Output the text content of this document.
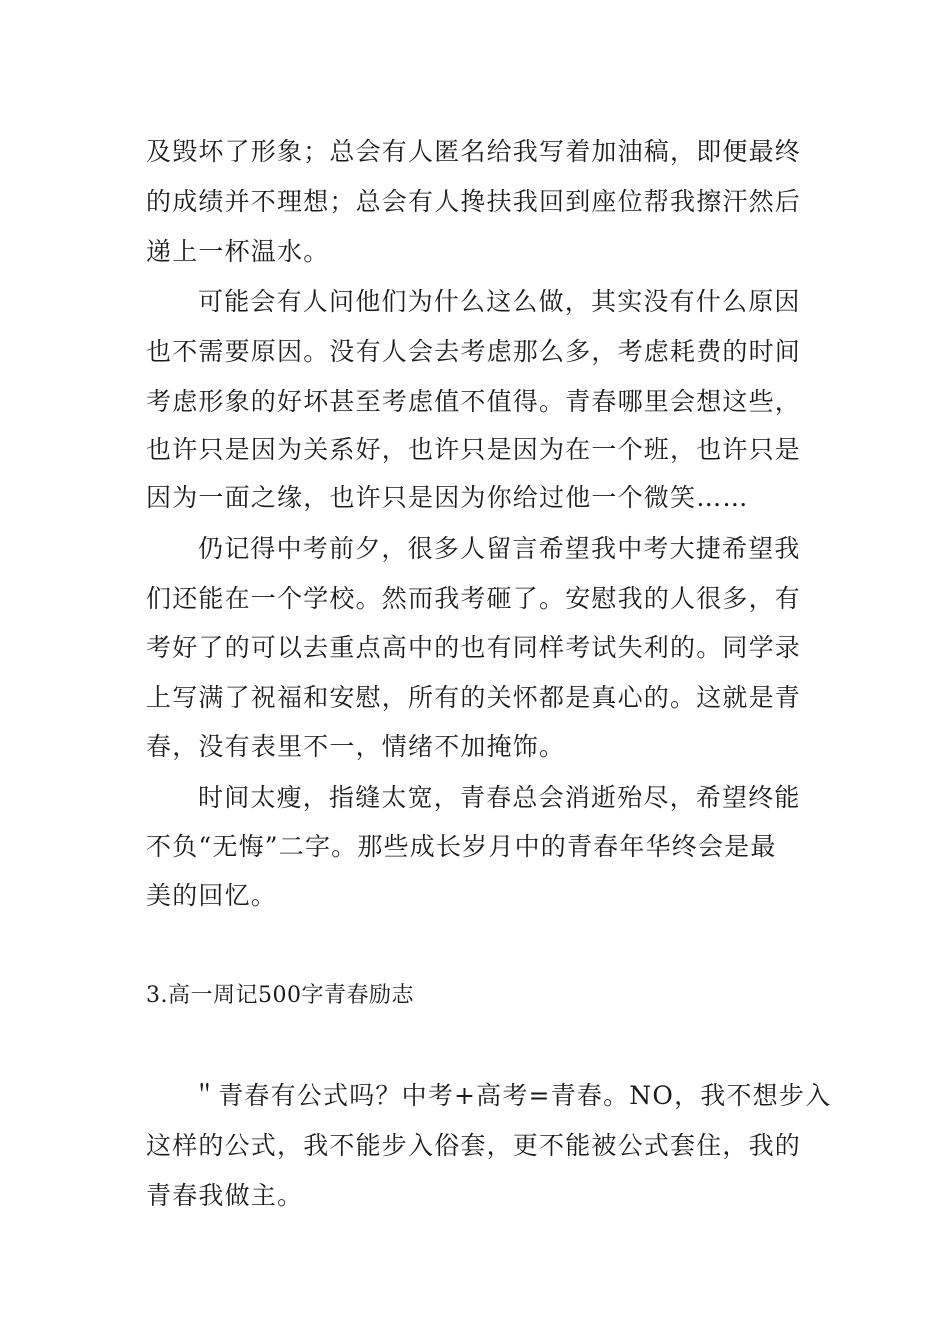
及毁坏了形象；总会有人匿名给我写着加油稿，即便最终
的成绩并不理想；总会有人搀扶我回到座位帮我擦汗然后
递上一杯温水。
可能会有人问他们为什么这么做，其实没有什么原因
也不需要原因。没有人会去考虑那么多，考虑耗费的时间
考虑形象的好坏甚至考虑值不值得。青春哪里会想这些，
也许只是因为关系好，也许只是因为在一个班，也许只是
因为一面之缘，也许只是因为你给过他一个微笑……
仍记得中考前夕，很多人留言希望我中考大捷希望我
们还能在一个学校。然而我考砸了。安慰我的人很多，有
考好了的可以去重点高中的也有同样考试失利的。同学录
上写满了祝福和安慰，所有的关怀都是真心的。这就是青
春，没有表里不一，情绪不加掩饰。
时间太瘦，指缝太宽，青春总会消逝殆尽，希望终能
不负“无悔”二字。那些成长岁月中的青春年华终会是最
美的回忆。
3.高一周记500字青春励志
＂青春有公式吗？中考+高考=青春。NO，我不想步入
这样的公式，我不能步入俗套，更不能被公式套住，我的
青春我做主。
